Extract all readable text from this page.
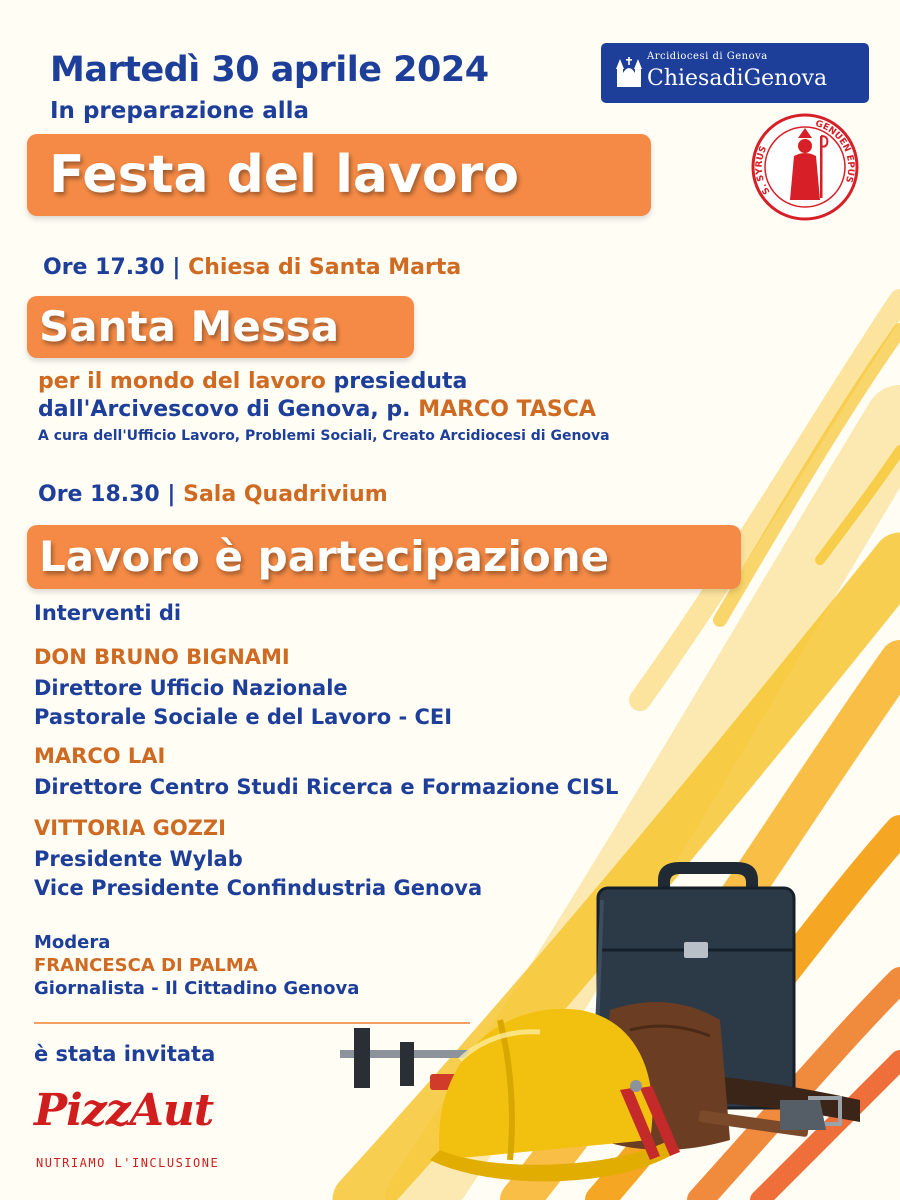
Martedì 30 aprile 2024
In preparazione alla
Festa del lavoro
Arcidiocesi di Genova
ChiesadiGenova
S. SYRUS
GENUEN EPUS
Ore 17.30 | Chiesa di Santa Marta
Santa Messa
per il mondo del lavoro presieduta
dall'Arcivescovo di Genova, p. MARCO TASCA
A cura dell'Ufficio Lavoro, Problemi Sociali, Creato Arcidiocesi di Genova
Ore 18.30 | Sala Quadrivium
Lavoro è partecipazione
Interventi di
DON BRUNO BIGNAMI
Direttore Ufficio Nazionale
Pastorale Sociale e del Lavoro - CEI
MARCO LAI
Direttore Centro Studi Ricerca e Formazione CISL
VITTORIA GOZZI
Presidente Wylab
Vice Presidente Confindustria Genova
Modera
FRANCESCA DI PALMA
Giornalista - Il Cittadino Genova
è stata invitata
PizzAut
NUTRIAMO L'INCLUSIONE
